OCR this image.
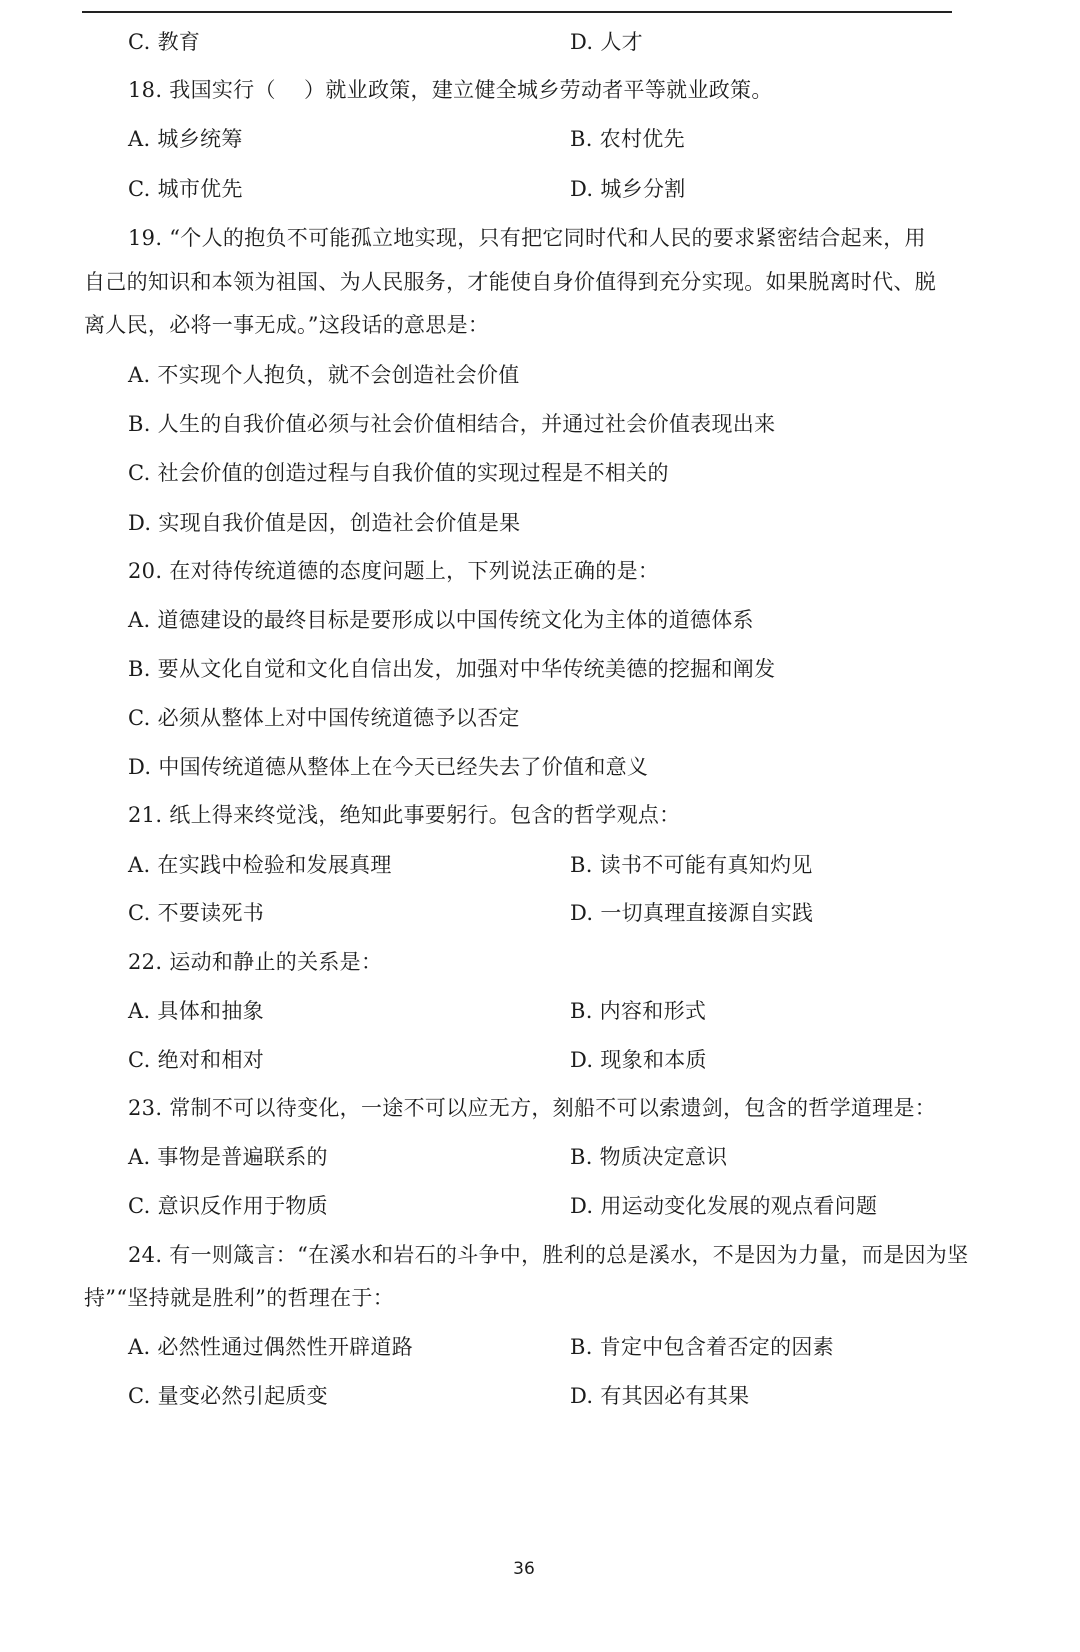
C. 教育	D. 人才
18. 我国实行（　 ）就业政策，建立健全城乡劳动者平等就业政策。
A. 城乡统筹	B. 农村优先
C. 城市优先	D. 城乡分割
19. “个人的抱负不可能孤立地实现，只有把它同时代和人民的要求紧密结合起来，用
自己的知识和本领为祖国、为人民服务，才能使自身价值得到充分实现。如果脱离时代、脱
离人民，必将一事无成。”这段话的意思是：
A. 不实现个人抱负，就不会创造社会价值
B. 人生的自我价值必须与社会价值相结合，并通过社会价值表现出来
C. 社会价值的创造过程与自我价值的实现过程是不相关的
D. 实现自我价值是因，创造社会价值是果
20. 在对待传统道德的态度问题上，下列说法正确的是：
A. 道德建设的最终目标是要形成以中国传统文化为主体的道德体系
B. 要从文化自觉和文化自信出发，加强对中华传统美德的挖掘和阐发
C. 必须从整体上对中国传统道德予以否定
D. 中国传统道德从整体上在今天已经失去了价值和意义
21. 纸上得来终觉浅，绝知此事要躬行。包含的哲学观点：
A. 在实践中检验和发展真理	B. 读书不可能有真知灼见
C. 不要读死书	D. 一切真理直接源自实践
22. 运动和静止的关系是：
A. 具体和抽象	B. 内容和形式
C. 绝对和相对	D. 现象和本质
23. 常制不可以待变化，一途不可以应无方，刻船不可以索遗剑，包含的哲学道理是：
A. 事物是普遍联系的	B. 物质决定意识
C. 意识反作用于物质	D. 用运动变化发展的观点看问题
24. 有一则箴言：“在溪水和岩石的斗争中，胜利的总是溪水，不是因为力量，而是因为坚
持”“坚持就是胜利”的哲理在于：
A. 必然性通过偶然性开辟道路	B. 肯定中包含着否定的因素
C. 量变必然引起质变	D. 有其因必有其果
36
